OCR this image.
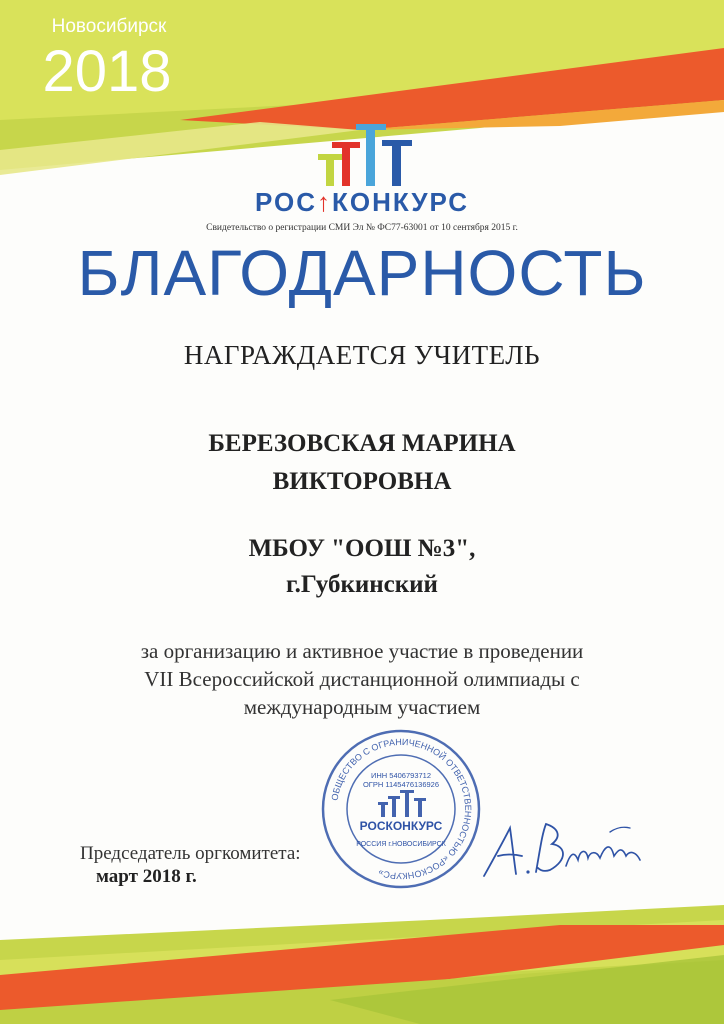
Новосибирск
2018
РОС↑КОНКУРС
Свидетельство о регистрации СМИ Эл № ФС77-63001 от 10 сентября 2015 г.
БЛАГОДАРНОСТЬ
НАГРАЖДАЕТСЯ УЧИТЕЛЬ
БЕРЕЗОВСКАЯ МАРИНА
ВИКТОРОВНА
МБОУ "ООШ №3",
г.Губкинский
за организацию и активное участие в проведении
VII Всероссийской дистанционной олимпиады с
международным участием
Председатель оргкомитета:
март 2018 г.
ОБЩЕСТВО С ОГРАНИЧЕННОЙ ОТВЕТСТВЕННОСТЬЮ «РОСКОНКУРС»
ИНН 5406793712
ОГРН 1145476136926
РОСКОНКУРС
РОССИЯ г.НОВОСИБИРСК
